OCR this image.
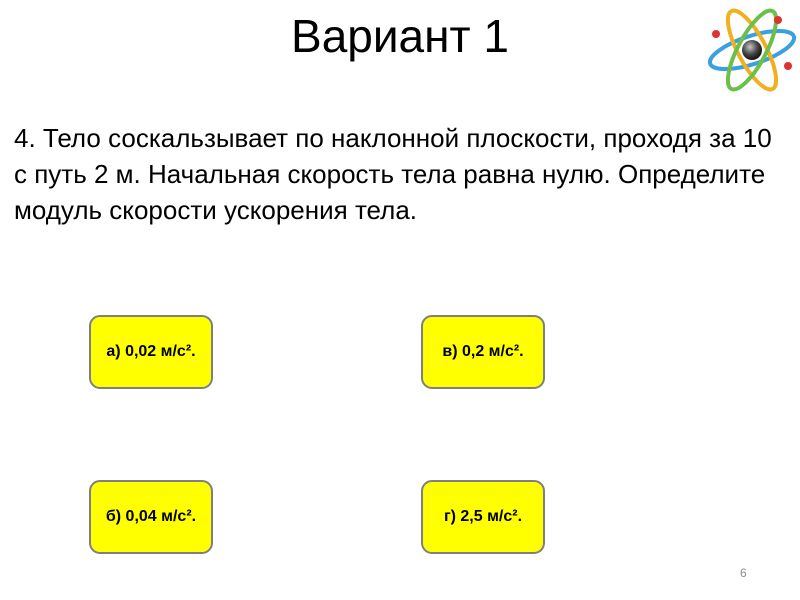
Вариант 1
4. Тело соскальзывает по наклонной плоскости, проходя за 10 с путь 2 м. Начальная скорость тела равна нулю. Определите модуль скорости ускорения тела.
а) 0,02 м/с².	в) 0,2 м/с².
б) 0,04 м/с².	г) 2,5 м/с².
6
